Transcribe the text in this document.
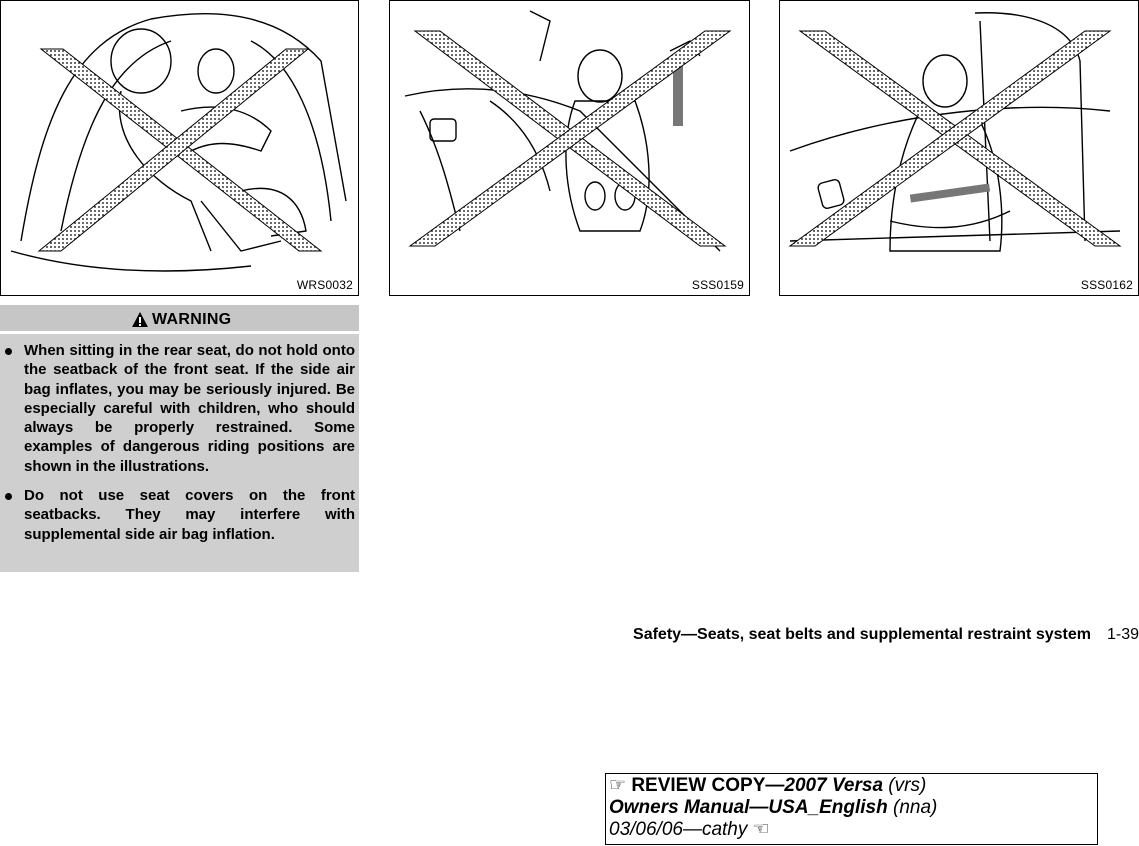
WRS0032	SSS0159	SSS0162
WARNING
When sitting in the rear seat, do not hold onto the seatback of the front seat. If the side air bag inflates, you may be seriously injured. Be especially careful with children, who should always be properly restrained. Some examples of dangerous riding positions are shown in the illustrations.
Do not use seat covers on the front seatbacks. They may interfere with supplemental side air bag inflation.
Safety—Seats, seat belts and supplemental restraint system 1-39
☞ REVIEW COPY—2007 Versa (vrs)
Owners Manual—USA_English (nna)
03/06/06—cathy ☜
